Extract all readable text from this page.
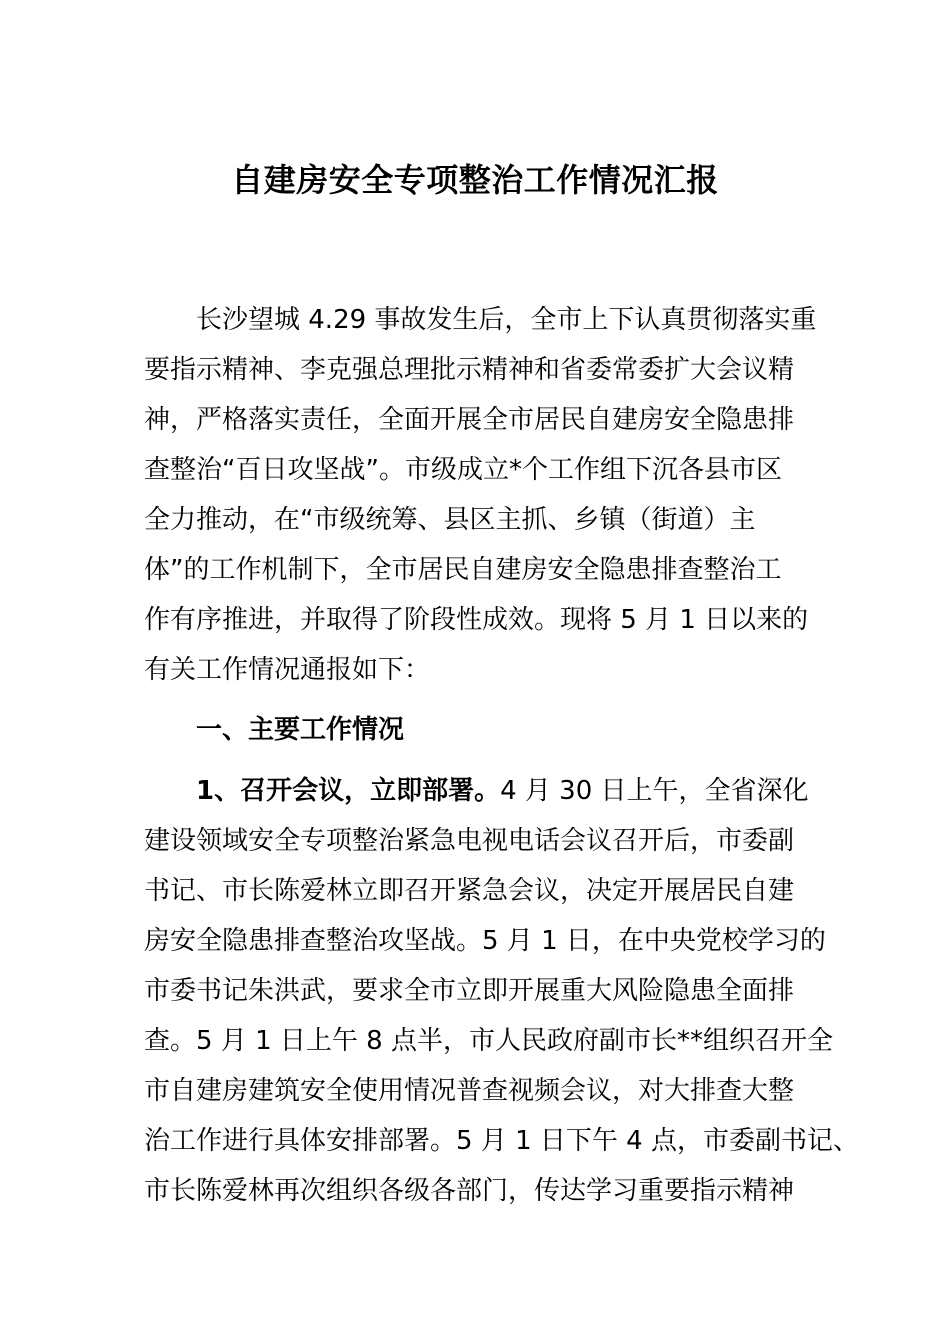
自建房安全专项整治工作情况汇报
长沙望城 4.29 事故发生后，全市上下认真贯彻落实重
要指示精神、李克强总理批示精神和省委常委扩大会议精
神，严格落实责任，全面开展全市居民自建房安全隐患排
查整治“百日攻坚战”。市级成立*个工作组下沉各县市区
全力推动，在“市级统筹、县区主抓、乡镇（街道）主
体”的工作机制下，全市居民自建房安全隐患排查整治工
作有序推进，并取得了阶段性成效。现将 5 月 1 日以来的
有关工作情况通报如下：
一、主要工作情况
1、召开会议，立即部署。4 月 30 日上午，全省深化
建设领域安全专项整治紧急电视电话会议召开后，市委副
书记、市长陈爱林立即召开紧急会议，决定开展居民自建
房安全隐患排查整治攻坚战。5 月 1 日，在中央党校学习的
市委书记朱洪武，要求全市立即开展重大风险隐患全面排
查。5 月 1 日上午 8 点半，市人民政府副市长**组织召开全
市自建房建筑安全使用情况普查视频会议，对大排查大整
治工作进行具体安排部署。5 月 1 日下午 4 点，市委副书记、
市长陈爱林再次组织各级各部门，传达学习重要指示精神
